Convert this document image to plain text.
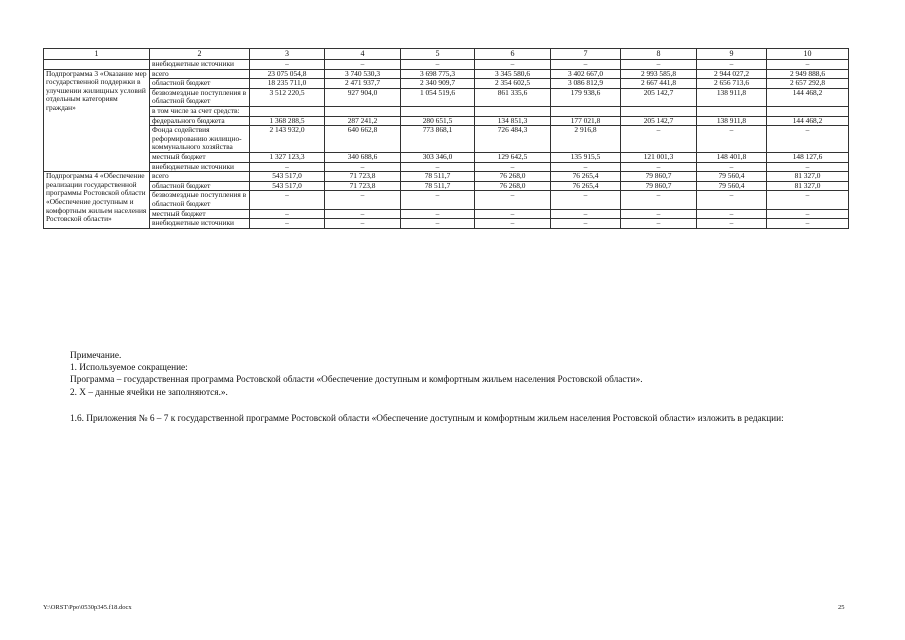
1	2	3	4	5	6	7	8	9	10
	внебюджетные источники	–	–	–	–	–	–	–	–
Подпрограмма 3 «Оказание мер государственной поддержки в улучшении жилищных условий отдельным категориям граждан»	всего	23 075 054,8	3 740 530,3	3 698 775,3	3 345 580,6	3 402 667,0	2 993 585,8	2 944 027,2	2 949 888,6
	областной бюджет	18 235 711,0	2 471 937,7	2 340 909,7	2 354 602,5	3 086 812,9	2 667 441,8	2 656 713,6	2 657 292,8
	безвозмездные поступления в областной бюджет	3 512 220,5	927 904,0	1 054 519,6	861 335,6	179 938,6	205 142,7	138 911,8	144 468,2
	в том числе за счет средств:								
	федерального бюджета	1 368 288,5	287 241,2	280 651,5	134 851,3	177 021,8	205 142,7	138 911,8	144 468,2
	Фонда содействия реформированию жилищно-коммунального хозяйства	2 143 932,0	640 662,8	773 868,1	726 484,3	2 916,8	–	–	–
	местный бюджет	1 327 123,3	340 688,6	303 346,0	129 642,5	135 915,5	121 001,3	148 401,8	148 127,6
	внебюджетные источники	–	–	–	–	–	–	–	–
Подпрограмма 4 «Обеспечение реализации государственной программы Ростовской области «Обеспечение доступным и комфортным жильем населения Ростовской области»	всего	543 517,0	71 723,8	78 511,7	76 268,0	76 265,4	79 860,7	79 560,4	81 327,0
	областной бюджет	543 517,0	71 723,8	78 511,7	76 268,0	76 265,4	79 860,7	79 560,4	81 327,0
	безвозмездные поступления в областной бюджет	–	–	–	–	–	–	–	–
	местный бюджет	–	–	–	–	–	–	–	–
	внебюджетные источники	–	–	–	–	–	–	–	–
Примечание.
1. Используемое сокращение:
Программа – государственная программа Ростовской области «Обеспечение доступным и комфортным жильем населения Ростовской области».
2. X – данные ячейки не заполняются.».
1.6. Приложения № 6 – 7 к государственной программе Ростовской области «Обеспечение доступным и комфортным жильем населения Ростовской области» изложить в редакции:
Y:\ORST\Ppo\0530p345.f18.docx	25
